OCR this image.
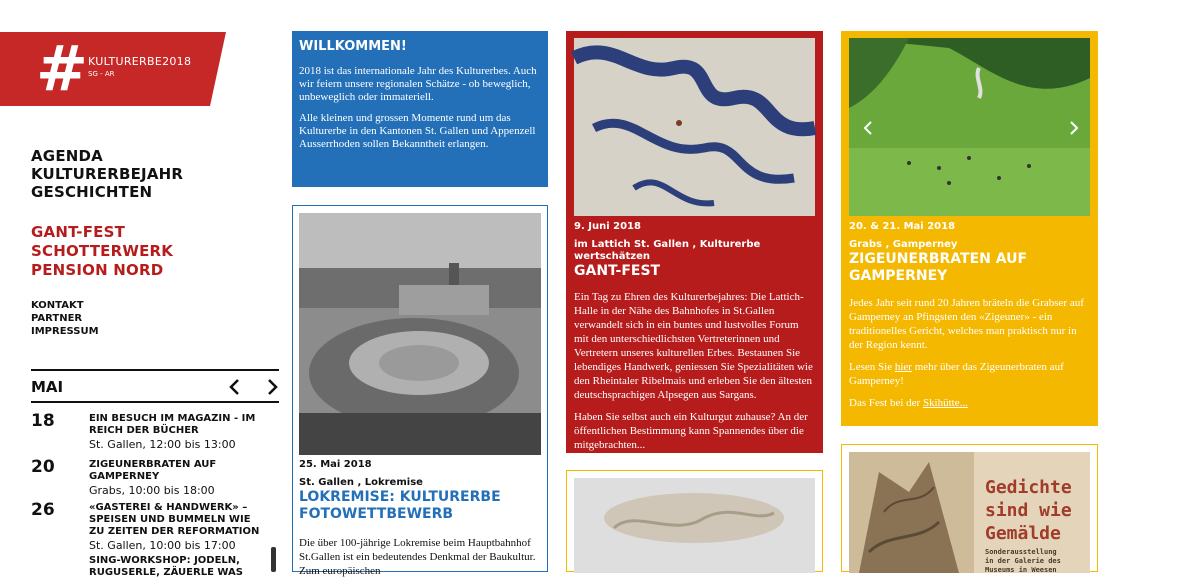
# KULTURERBE2018
SG - AR
AGENDA
KULTURERBEJAHR
GESCHICHTEN
GANT-FEST
SCHOTTERWERK
PENSION NORD
KONTAKT
PARTNER
IMPRESSUM
MAI
18	EIN BESUCH IM MAGAZIN - IM REICH DER BÜCHER
St. Gallen, 12:00 bis 13:00
20	ZIGEUNERBRATEN AUF GAMPERNEY
Grabs, 10:00 bis 18:00
26	«GASTEREI & HANDWERK» – SPEISEN UND BUMMELN WIE ZU ZEITEN DER REFORMATION
St. Gallen, 10:00 bis 17:00
SING-WORKSHOP: JODELN, RUGUSERLE, ZÄUERLE WAS
WILLKOMMEN!

2018 ist das internationale Jahr des Kulturerbes. Auch wir feiern unsere regionalen Schätze - ob beweglich, unbeweglich oder immateriell.

Alle kleinen und grossen Momente rund um das Kulturerbe in den Kantonen St. Gallen und Appenzell Ausserrhoden sollen Bekanntheit erlangen.

25. Mai 2018
St. Gallen , Lokremise
LOKREMISE: KULTURERBE FOTOWETTBEWERB

Die über 100-jährige Lokremise beim Hauptbahnhof St.Gallen ist ein bedeutendes Denkmal der Baukultur. Zum europäischen

9. Juni 2018
im Lattich St. Gallen , Kulturerbe wertschätzen
GANT-FEST

Ein Tag zu Ehren des Kulturerbejahres: Die Lattich-Halle in der Nähe des Bahnhofes in St.Gallen verwandelt sich in ein buntes und lustvolles Forum mit den unterschiedlichsten Vertreterinnen und Vertretern unseres kulturellen Erbes. Bestaunen Sie lebendiges Handwerk, geniessen Sie Spezialitäten wie den Rheintaler Ribelmais und erleben Sie den ältesten deutschsprachigen Alpsegen aus Sargans.

Haben Sie selbst auch ein Kulturgut zuhause? An der öffentlichen Bestimmung kann Spannendes über die mitgebrachten...

20. & 21. Mai 2018
Grabs , Gamperney
ZIGEUNERBRATEN AUF GAMPERNEY

Jedes Jahr seit rund 20 Jahren bräteln die Grabser auf Gamperney an Pfingsten den «Zigeuner» - ein traditionelles Gericht, welches man praktisch nur in der Region kennt.

Lesen Sie hier mehr über das Zigeunerbraten auf Gamperney!

Das Fest bei der Skihütte...

Gedichte
sind wie
Gemälde
Sonderausstellung
in der Galerie des
Museums in Weesen
